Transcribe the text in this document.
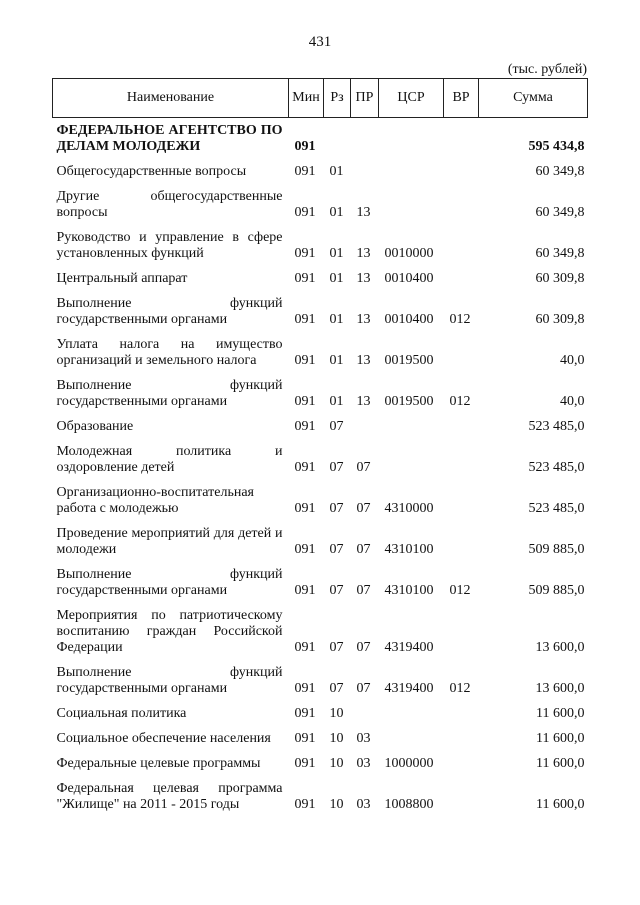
431
(тыс. рублей)
Наименование	Мин	Рз	ПР	ЦСР	ВР	Сумма
ФЕДЕРАЛЬНОЕ АГЕНТСТВО ПО ДЕЛАМ МОЛОДЕЖИ	091					595 434,8
Общегосударственные вопросы	091	01				60 349,8
Другие общегосударственные вопросы	091	01	13			60 349,8
Руководство и управление в сфере установленных функций	091	01	13	0010000		60 349,8
Центральный аппарат	091	01	13	0010400		60 309,8
Выполнение функций государственными органами	091	01	13	0010400	012	60 309,8
Уплата налога на имущество организаций и земельного налога	091	01	13	0019500		40,0
Выполнение функций государственными органами	091	01	13	0019500	012	40,0
Образование	091	07				523 485,0
Молодежная политика и оздоровление детей	091	07	07			523 485,0
Организационно-воспитательная работа с молодежью	091	07	07	4310000		523 485,0
Проведение мероприятий для детей и молодежи	091	07	07	4310100		509 885,0
Выполнение функций государственными органами	091	07	07	4310100	012	509 885,0
Мероприятия по патриотическому воспитанию граждан Российской Федерации	091	07	07	4319400		13 600,0
Выполнение функций государственными органами	091	07	07	4319400	012	13 600,0
Социальная политика	091	10				11 600,0
Социальное обеспечение населения	091	10	03			11 600,0
Федеральные целевые программы	091	10	03	1000000		11 600,0
Федеральная целевая программа "Жилище" на 2011 - 2015 годы	091	10	03	1008800		11 600,0
